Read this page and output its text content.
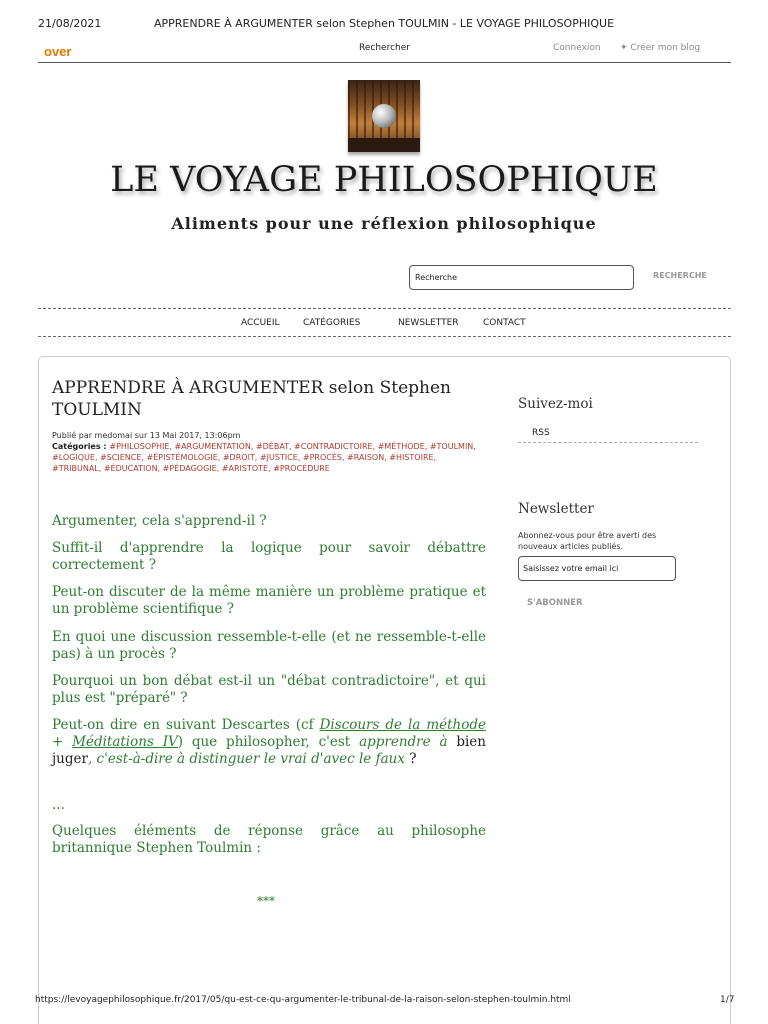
21/08/2021	APPRENDRE À ARGUMENTER selon Stephen TOULMIN - LE VOYAGE PHILOSOPHIQUE
over	Rechercher	Connexion ✦ Créer mon blog
LE VOYAGE PHILOSOPHIQUE
Aliments pour une réflexion philosophique
Recherche	RECHERCHE
ACCUEIL	CATÉGORIES	NEWSLETTER	CONTACT
APPRENDRE À ARGUMENTER selon Stephen TOULMIN
Publié par medomai sur 13 Mai 2017, 13:06pm
Catégories : #PHILOSOPHIE, #ARGUMENTATION, #DÉBAT, #CONTRADICTOIRE, #MÉTHODE, #TOULMIN, #LOGIQUE, #SCIENCE, #ÉPISTÉMOLOGIE, #DROIT, #JUSTICE, #PROCÈS, #RAISON, #HISTOIRE, #TRIBUNAL, #ÉDUCATION, #PÉDAGOGIE, #ARISTOTE, #PROCÉDURE
Argumenter, cela s'apprend-il ?
Suffit-il d'apprendre la logique pour savoir débattre correctement ?
Peut-on discuter de la même manière un problème pratique et un problème scientifique ?
En quoi une discussion ressemble-t-elle (et ne ressemble-t-elle pas) à un procès ?
Pourquoi un bon débat est-il un "débat contradictoire", et qui plus est "préparé" ?
Peut-on dire en suivant Descartes (cf Discours de la méthode + Méditations IV) que philosopher, c'est apprendre à bien juger, c'est-à-dire à distinguer le vrai d'avec le faux ?
...
Quelques éléments de réponse grâce au philosophe britannique Stephen Toulmin :
***
Suivez-moi
RSS
Newsletter
Abonnez-vous pour être averti des nouveaux articles publiés.
Saisissez votre email ici
S'ABONNER
https://levoyagephilosophique.fr/2017/05/qu-est-ce-qu-argumenter-le-tribunal-de-la-raison-selon-stephen-toulmin.html	1/7
